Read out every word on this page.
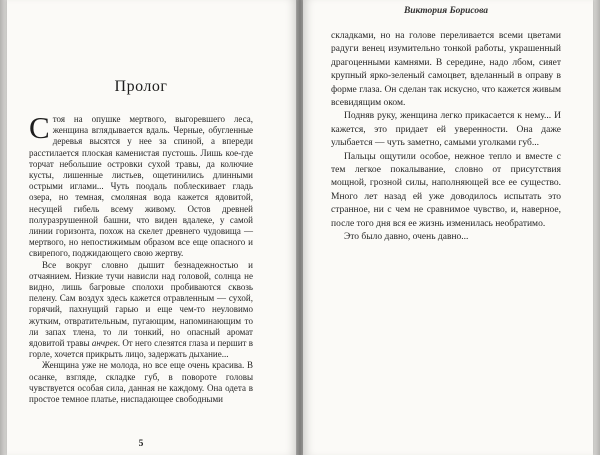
Пролог

Стоя на опушке мертвого, выгоревшего леса, женщина вглядывается вдаль. Черные, обугленные деревья высятся у нее за спиной, а впереди расстилается плоская каменистая пустошь. Лишь кое-где торчат небольшие островки сухой травы, да колючие кусты, лишенные листьев, ощетинились длинными острыми иглами... Чуть поодаль поблескивает гладь озера, но темная, смоляная вода кажется ядовитой, несущей гибель всему живому. Остов древней полуразрушенной башни, что виден вдалеке, у самой линии горизонта, похож на скелет древнего чудовища — мертвого, но непостижимым образом все еще опасного и свирепого, поджидающего свою жертву.

Все вокруг словно дышит безнадежностью и отчаянием. Низкие тучи нависли над головой, солнца не видно, лишь багровые сполохи пробиваются сквозь пелену. Сам воздух здесь кажется отравленным — сухой, горячий, пахнущий гарью и еще чем-то неуловимо жутким, отвратительным, пугающим, напоминающим то ли запах тлена, то ли тонкий, но опасный аромат ядовитой травы анчрек. От него слезятся глаза и першит в горле, хочется прикрыть лицо, задержать дыхание...

Женщина уже не молода, но все еще очень красива. В осанке, взгляде, складке губ, в повороте головы чувствуется особая сила, данная не каждому. Она одета в простое темное платье, ниспадающее свободными

5
Виктория Борисова

складками, но на голове переливается всеми цветами радуги венец изумительно тонкой работы, украшенный драгоценными камнями. В середине, надо лбом, сияет крупный ярко-зеленый самоцвет, вделанный в оправу в форме глаза. Он сделан так искусно, что кажется живым всевидящим оком.

Подняв руку, женщина легко прикасается к нему... И кажется, это придает ей уверенности. Она даже улыбается — чуть заметно, самыми уголками губ...

Пальцы ощутили особое, нежное тепло и вместе с тем легкое покалывание, словно от присутствия мощной, грозной силы, наполняющей все ее существо. Много лет назад ей уже доводилось испытать это странное, ни с чем не сравнимое чувство, и, наверное, после того дня вся ее жизнь изменилась необратимо.

Это было давно, очень давно...
